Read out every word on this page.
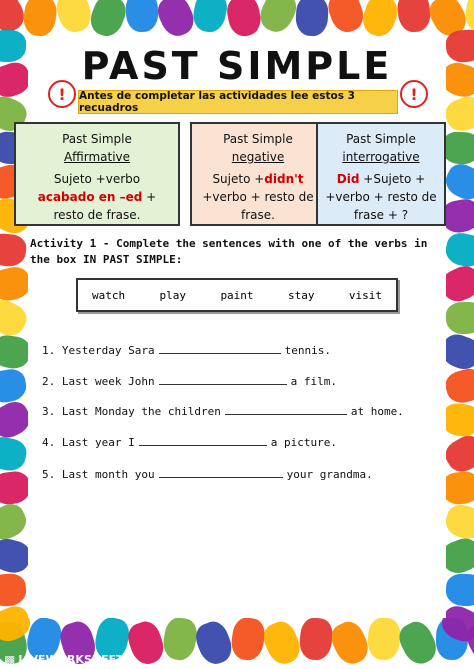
PAST SIMPLE
! Antes de completar las actividades lee estos 3 recuadros
!
Past Simple
Affirmative
Sujeto +verbo
acabado en –ed +
resto de frase.
Past Simple
negative
Sujeto +didn't
+verbo + resto de
frase.
Past Simple
interrogative
Did +Sujeto +
+verbo + resto de
frase + ?
Activity 1 - Complete the sentences with one of the verbs in the box IN PAST SIMPLE:
watch	play	paint	stay	visit
1. Yesterday Sara	tennis.
2. Last week John	a film.
3. Last Monday the children	at home.
4. Last year I	a picture.
5. Last month you	your grandma.
▩ LIVEWORKSHEETS
